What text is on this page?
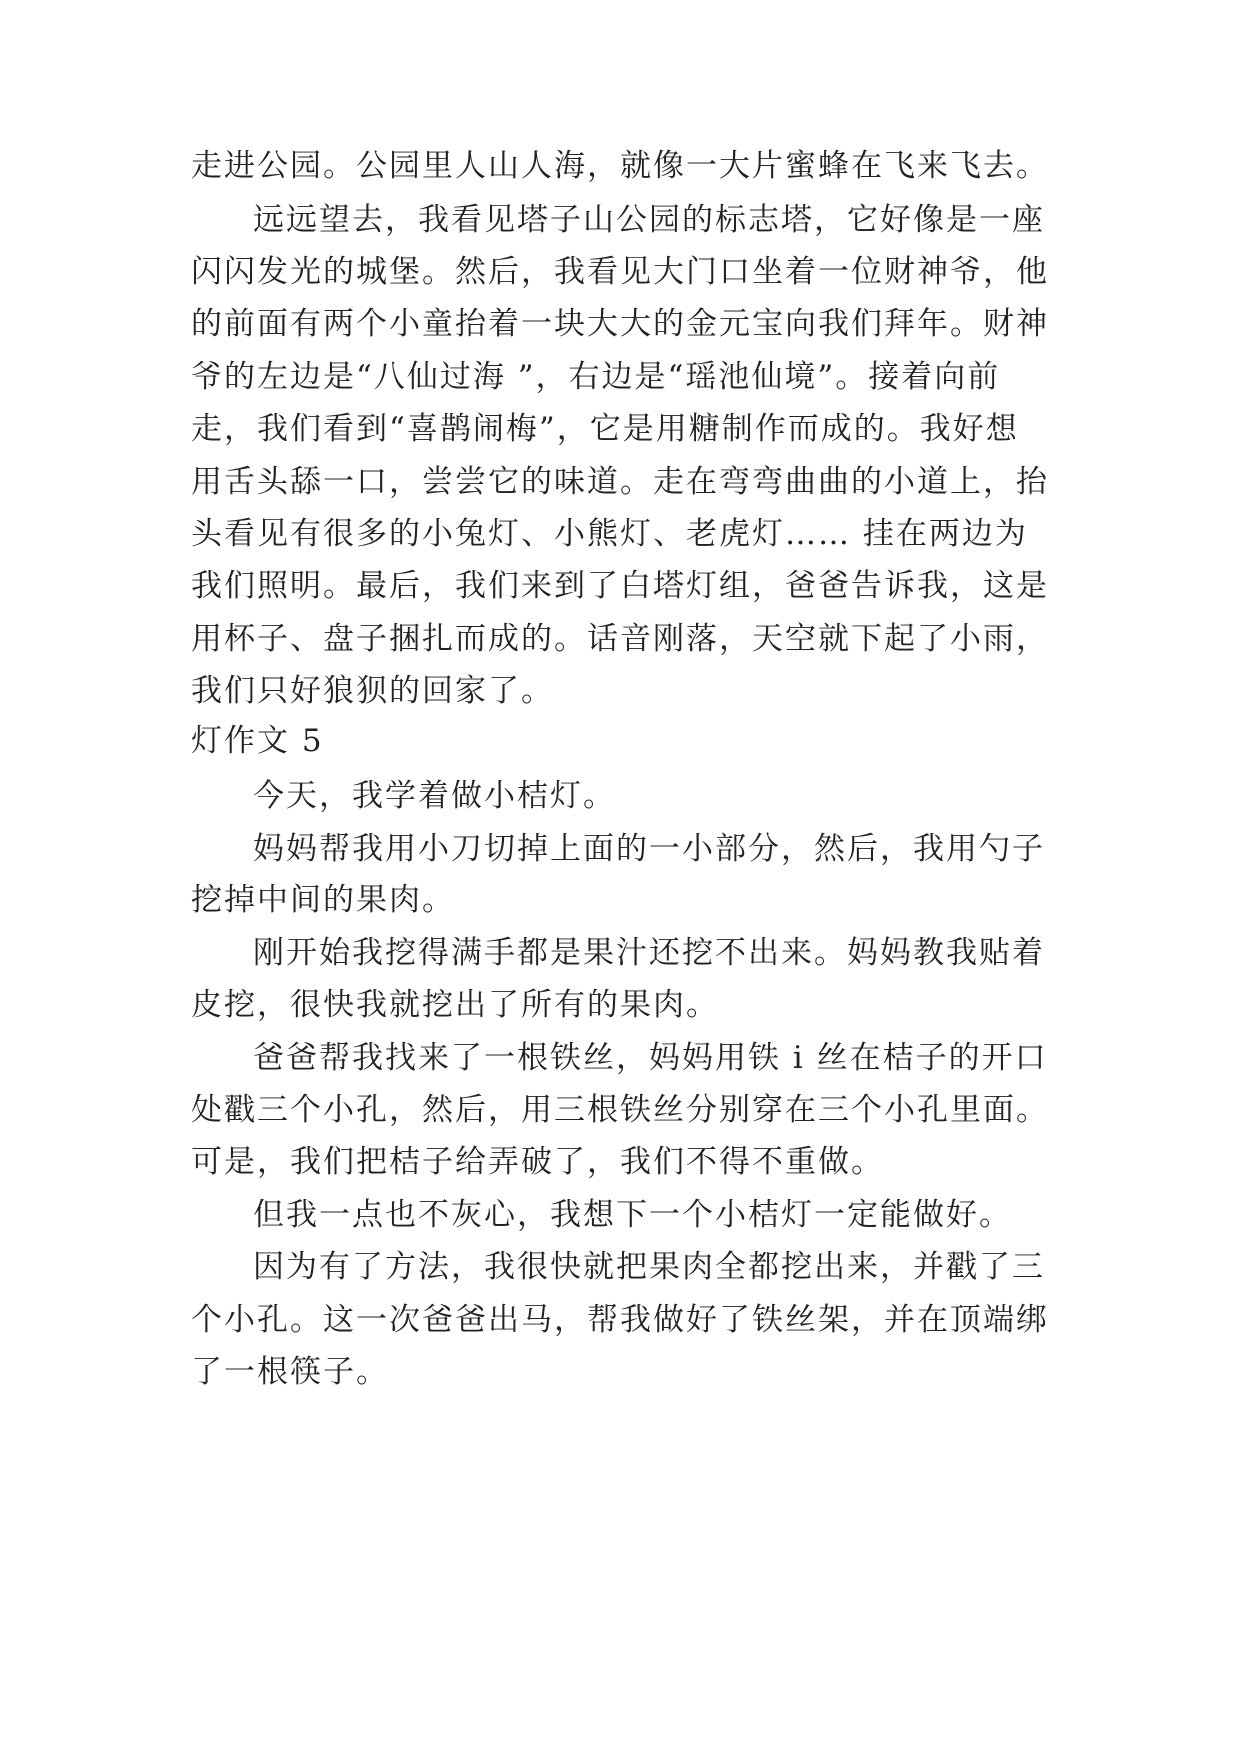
走进公园。公园里人山人海，就像一大片蜜蜂在飞来飞去。
远远望去，我看见塔子山公园的标志塔，它好像是一座
闪闪发光的城堡。然后，我看见大门口坐着一位财神爷，他
的前面有两个小童抬着一块大大的金元宝向我们拜年。财神
爷的左边是“八仙过海 ”，右边是“瑶池仙境”。接着向前
走，我们看到“喜鹊闹梅”，它是用糖制作而成的。我好想
用舌头舔一口，尝尝它的味道。走在弯弯曲曲的小道上，抬
头看见有很多的小兔灯、小熊灯、老虎灯…… 挂在两边为
我们照明。最后，我们来到了白塔灯组，爸爸告诉我，这是
用杯子、盘子捆扎而成的。话音刚落，天空就下起了小雨，
我们只好狼狈的回家了。
灯作文 5
今天，我学着做小桔灯。
妈妈帮我用小刀切掉上面的一小部分，然后，我用勺子
挖掉中间的果肉。
刚开始我挖得满手都是果汁还挖不出来。妈妈教我贴着
皮挖，很快我就挖出了所有的果肉。
爸爸帮我找来了一根铁丝，妈妈用铁 i 丝在桔子的开口
处戳三个小孔，然后，用三根铁丝分别穿在三个小孔里面。
可是，我们把桔子给弄破了，我们不得不重做。
但我一点也不灰心，我想下一个小桔灯一定能做好。
因为有了方法，我很快就把果肉全都挖出来，并戳了三
个小孔。这一次爸爸出马，帮我做好了铁丝架，并在顶端绑
了一根筷子。
